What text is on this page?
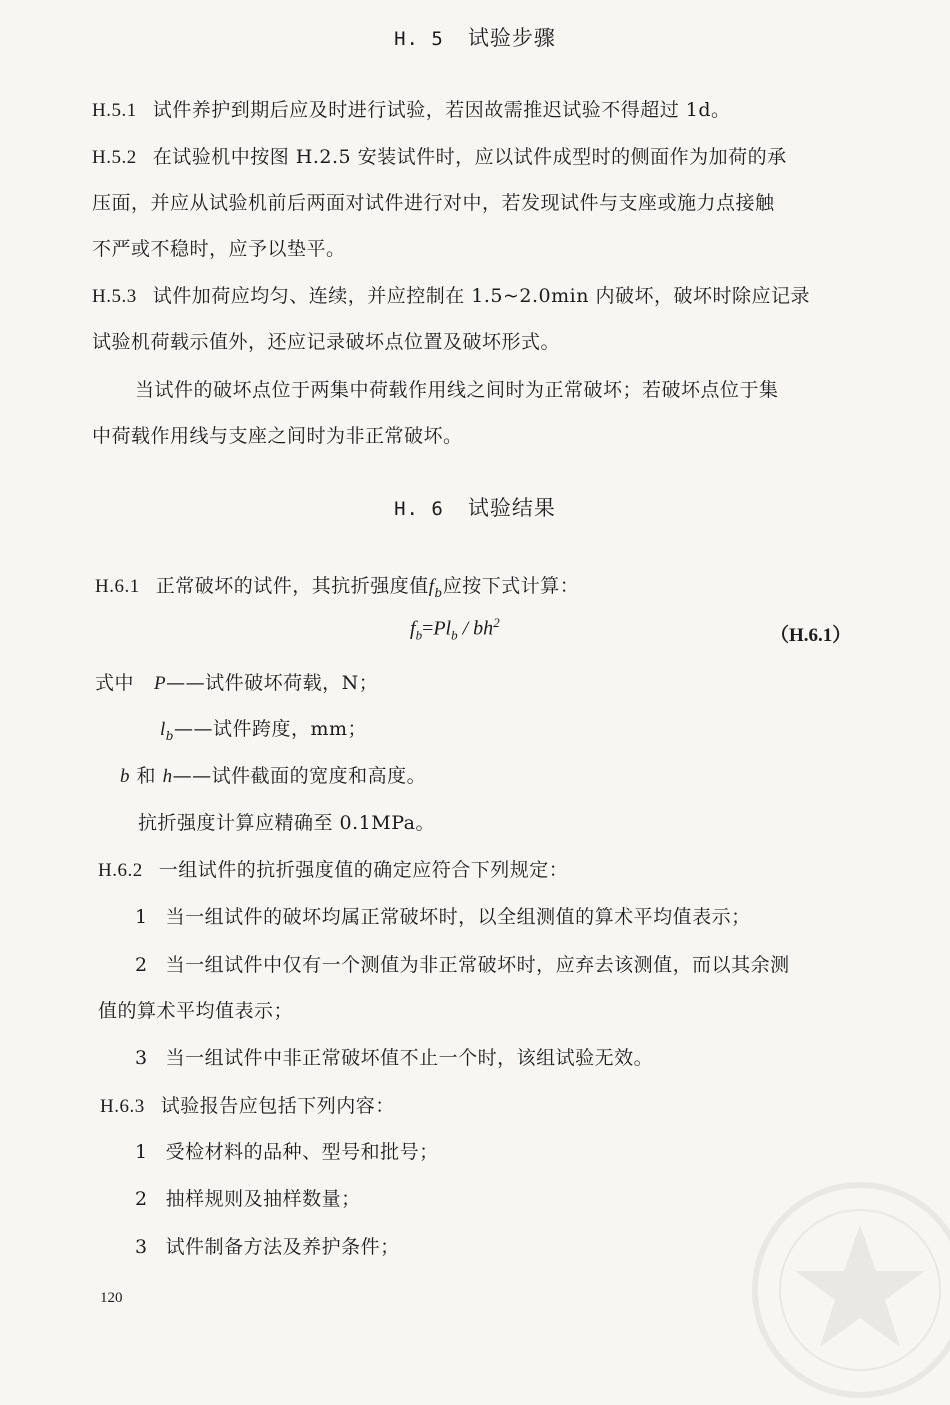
H. 5 试验步骤
H.5.1 试件养护到期后应及时进行试验，若因故需推迟试验不得超过 1d。
H.5.2 在试验机中按图 H.2.5 安装试件时，应以试件成型时的侧面作为加荷的承
压面，并应从试验机前后两面对试件进行对中，若发现试件与支座或施力点接触
不严或不稳时，应予以垫平。
H.5.3 试件加荷应均匀、连续，并应控制在 1.5~2.0min 内破坏，破坏时除应记录
试验机荷载示值外，还应记录破坏点位置及破坏形式。
当试件的破坏点位于两集中荷载作用线之间时为正常破坏；若破坏点位于集
中荷载作用线与支座之间时为非正常破坏。
H. 6 试验结果
H.6.1 正常破坏的试件，其抗折强度值$f_b$应按下式计算：
$f_b=Pl_b / bh^2$
（H.6.1）
式中 P——试件破坏荷载，N；
$l_b——$试件跨度，mm；
b 和 h——试件截面的宽度和高度。
抗折强度计算应精确至 0.1MPa。
H.6.2 一组试件的抗折强度值的确定应符合下列规定：
1 当一组试件的破坏均属正常破坏时，以全组测值的算术平均值表示；
2 当一组试件中仅有一个测值为非正常破坏时，应弃去该测值，而以其余测
值的算术平均值表示；
3 当一组试件中非正常破坏值不止一个时，该组试验无效。
H.6.3 试验报告应包括下列内容：
1 受检材料的品种、型号和批号；
2 抽样规则及抽样数量；
3 试件制备方法及养护条件；
120
